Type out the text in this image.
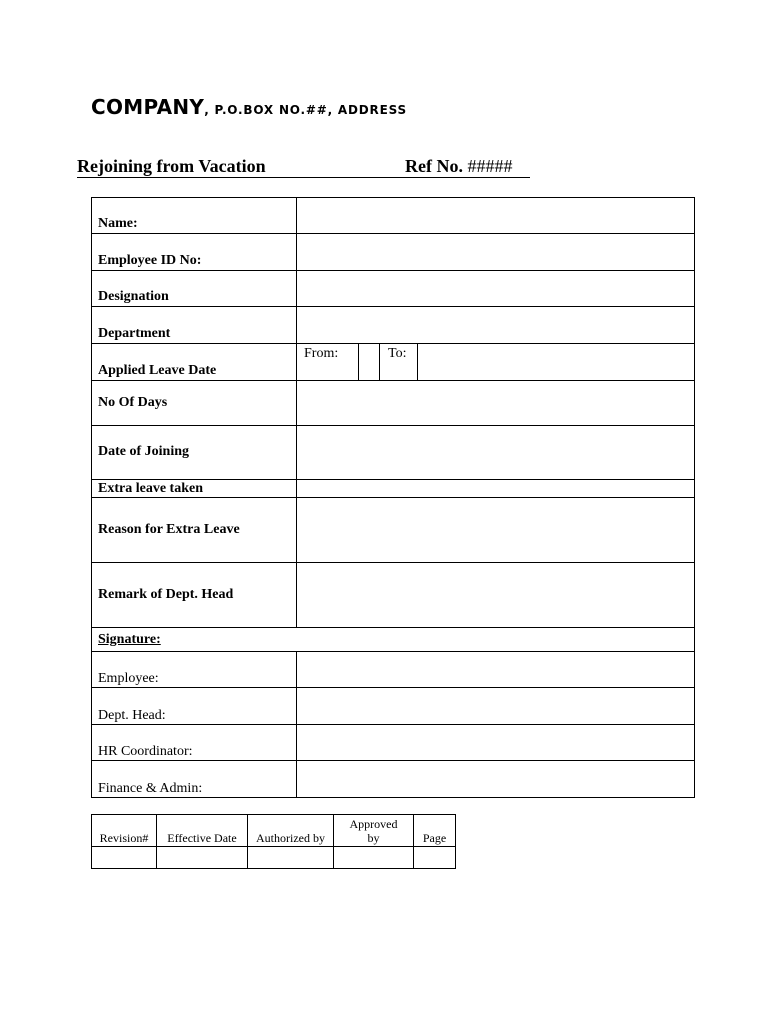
COMPANY, P.O.BOX NO.##, ADDRESS
Rejoining from Vacation	Ref No. #####
Name:	
Employee ID No:	
Designation	
Department	
Applied Leave Date	From: To:

No Of Days	
Date of Joining	
Extra leave taken	
Reason for Extra Leave	
Remark of Dept. Head	
Signature:	
Employee:	
Dept. Head:	
HR Coordinator:	
Finance & Admin:	
Revision#	Effective Date	Authorized by	Approved by	Page
